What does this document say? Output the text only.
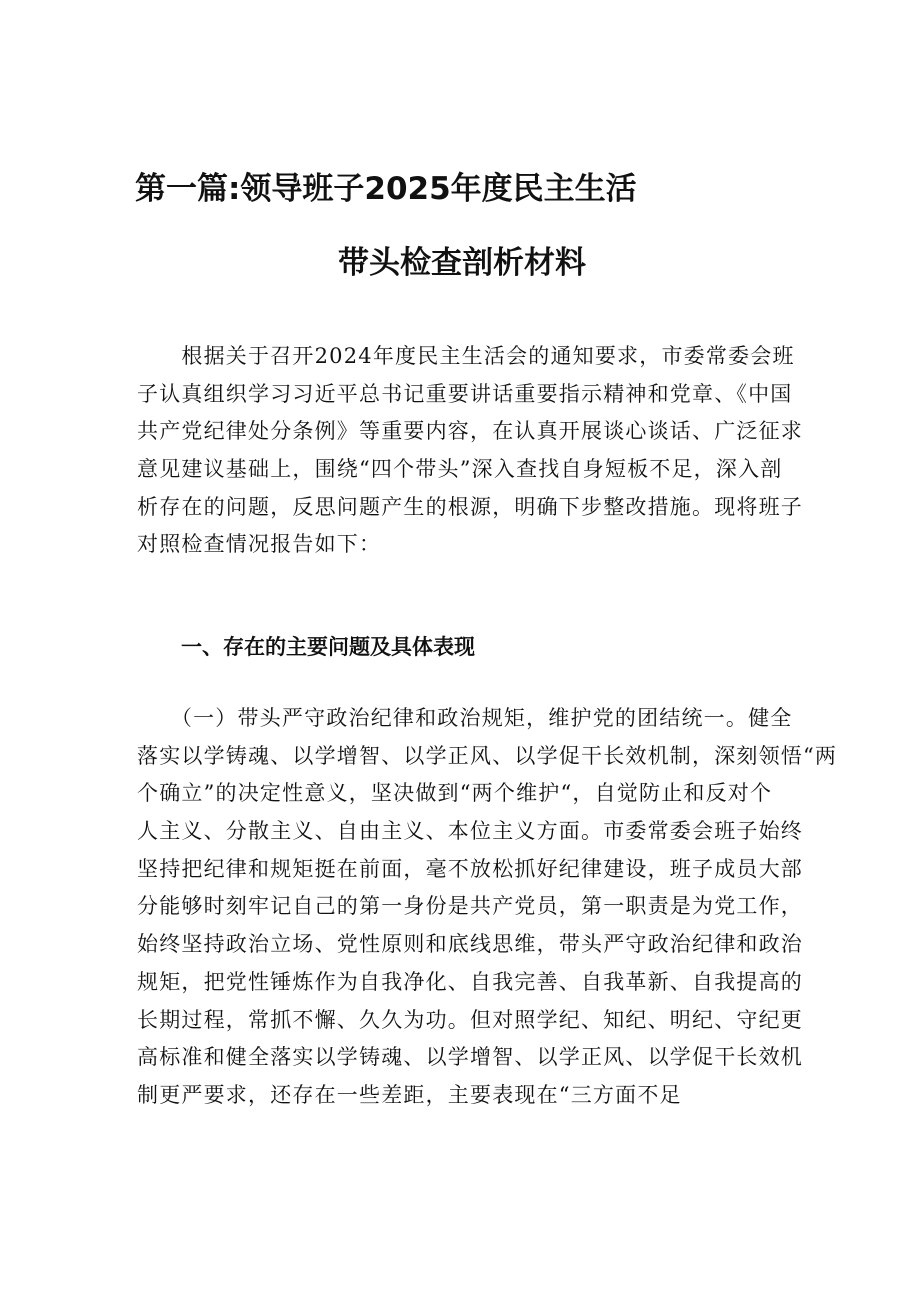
第一篇:领导班子2025年度民主生活
带头检查剖析材料
　　根据关于召开2024年度民主生活会的通知要求，市委常委会班
子认真组织学习习近平总书记重要讲话重要指示精神和党章、《中国
共产党纪律处分条例》等重要内容，在认真开展谈心谈话、广泛征求
意见建议基础上，围绕“四个带头”深入查找自身短板不足，深入剖
析存在的问题，反思问题产生的根源，明确下步整改措施。现将班子
对照检查情况报告如下：
一、存在的主要问题及具体表现
　　（一）带头严守政治纪律和政治规矩，维护党的团结统一。健全
落实以学铸魂、以学增智、以学正风、以学促干长效机制，深刻领悟“两
个确立”的决定性意义，坚决做到“两个维护“，自觉防止和反对个
人主义、分散主义、自由主义、本位主义方面。市委常委会班子始终
坚持把纪律和规矩挺在前面，毫不放松抓好纪律建设，班子成员大部
分能够时刻牢记自己的第一身份是共产党员，第一职责是为党工作，
始终坚持政治立场、党性原则和底线思维，带头严守政治纪律和政治
规矩，把党性锤炼作为自我净化、自我完善、自我革新、自我提高的
长期过程，常抓不懈、久久为功。但对照学纪、知纪、明纪、守纪更
高标准和健全落实以学铸魂、以学增智、以学正风、以学促干长效机
制更严要求，还存在一些差距，主要表现在“三方面不足
